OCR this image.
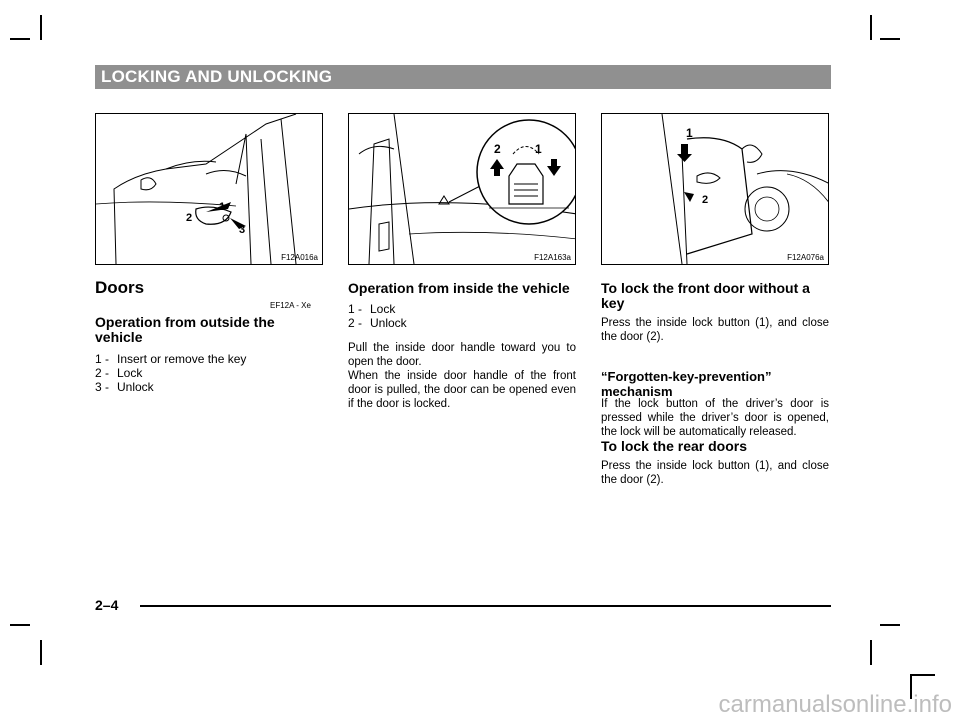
LOCKING AND UNLOCKING
1
2
3
F12A016a
2	1
F12A163a
1
2
F12A076a
Doors
EF12A - Xe
Operation from outside the vehicle
1 - Insert or remove the key
2 - Lock
3 - Unlock
Operation from inside the vehicle
1 - Lock
2 - Unlock
Pull the inside door handle toward you to open the door.
When the inside door handle of the front door is pulled, the door can be opened even if the door is locked.
To lock the front door without a key
Press the inside lock button (1), and close the door (2).
“Forgotten-key-prevention” mechanism
If the lock button of the driver’s door is pressed while the driver’s door is opened, the lock will be automatically released.
To lock the rear doors
Press the inside lock button (1), and close the door (2).
2–4
carmanualsonline.info
